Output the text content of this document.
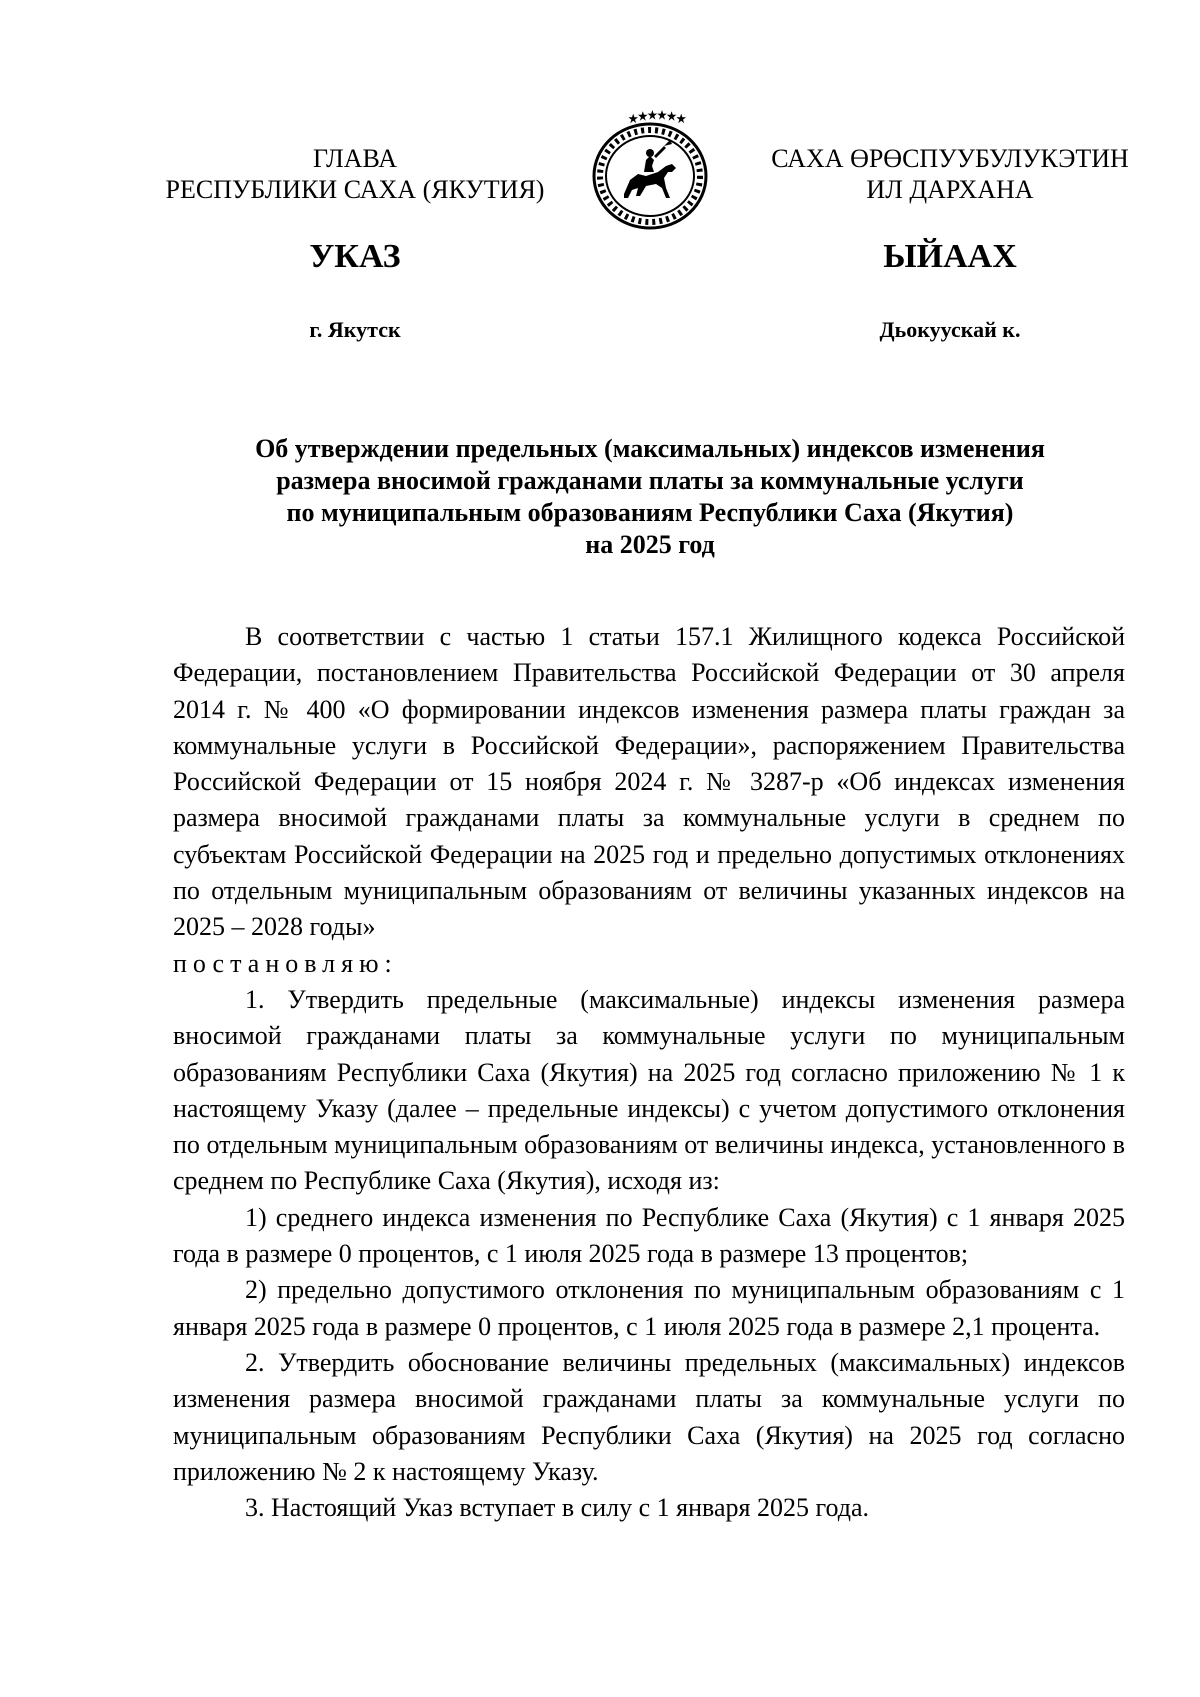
ГЛАВА
РЕСПУБЛИКИ САХА (ЯКУТИЯ)
САХА ӨРӨСПУУБУЛУКЭТИН
ИЛ ДАРХАНА
УКАЗ	ЫЙААХ
г. Якутск	Дьокуускай к.
Об утверждении предельных (максимальных) индексов изменения
размера вносимой гражданами платы за коммунальные услуги
по муниципальным образованиям Республики Саха (Якутия)
на 2025 год

В соответствии с частью 1 статьи 157.1 Жилищного кодекса Российской Федерации, постановлением Правительства Российской Федерации от 30 апреля 2014 г. № 400 «О формировании индексов изменения размера платы граждан за коммунальные услуги в Российской Федерации», распоряжением Правительства Российской Федерации от 15 ноября 2024 г. № 3287-р «Об индексах изменения размера вносимой гражданами платы за коммунальные услуги в среднем по субъектам Российской Федерации на 2025 год и предельно допустимых отклонениях по отдельным муниципальным образованиям от величины указанных индексов на 2025 – 2028 годы»

постановляю:

1. Утвердить предельные (максимальные) индексы изменения размера вносимой гражданами платы за коммунальные услуги по муниципальным образованиям Республики Саха (Якутия) на 2025 год согласно приложению № 1 к настоящему Указу (далее – предельные индексы) с учетом допустимого отклонения по отдельным муниципальным образованиям от величины индекса, установленного в среднем по Республике Саха (Якутия), исходя из:

1) среднего индекса изменения по Республике Саха (Якутия) с 1 января 2025 года в размере 0 процентов, с 1 июля 2025 года в размере 13 процентов;

2) предельно допустимого отклонения по муниципальным образованиям с 1 января 2025 года в размере 0 процентов, с 1 июля 2025 года в размере 2,1 процента.

2. Утвердить обоснование величины предельных (максимальных) индексов изменения размера вносимой гражданами платы за коммунальные услуги по муниципальным образованиям Республики Саха (Якутия) на 2025 год согласно приложению № 2 к настоящему Указу.

3. Настоящий Указ вступает в силу с 1 января 2025 года.
